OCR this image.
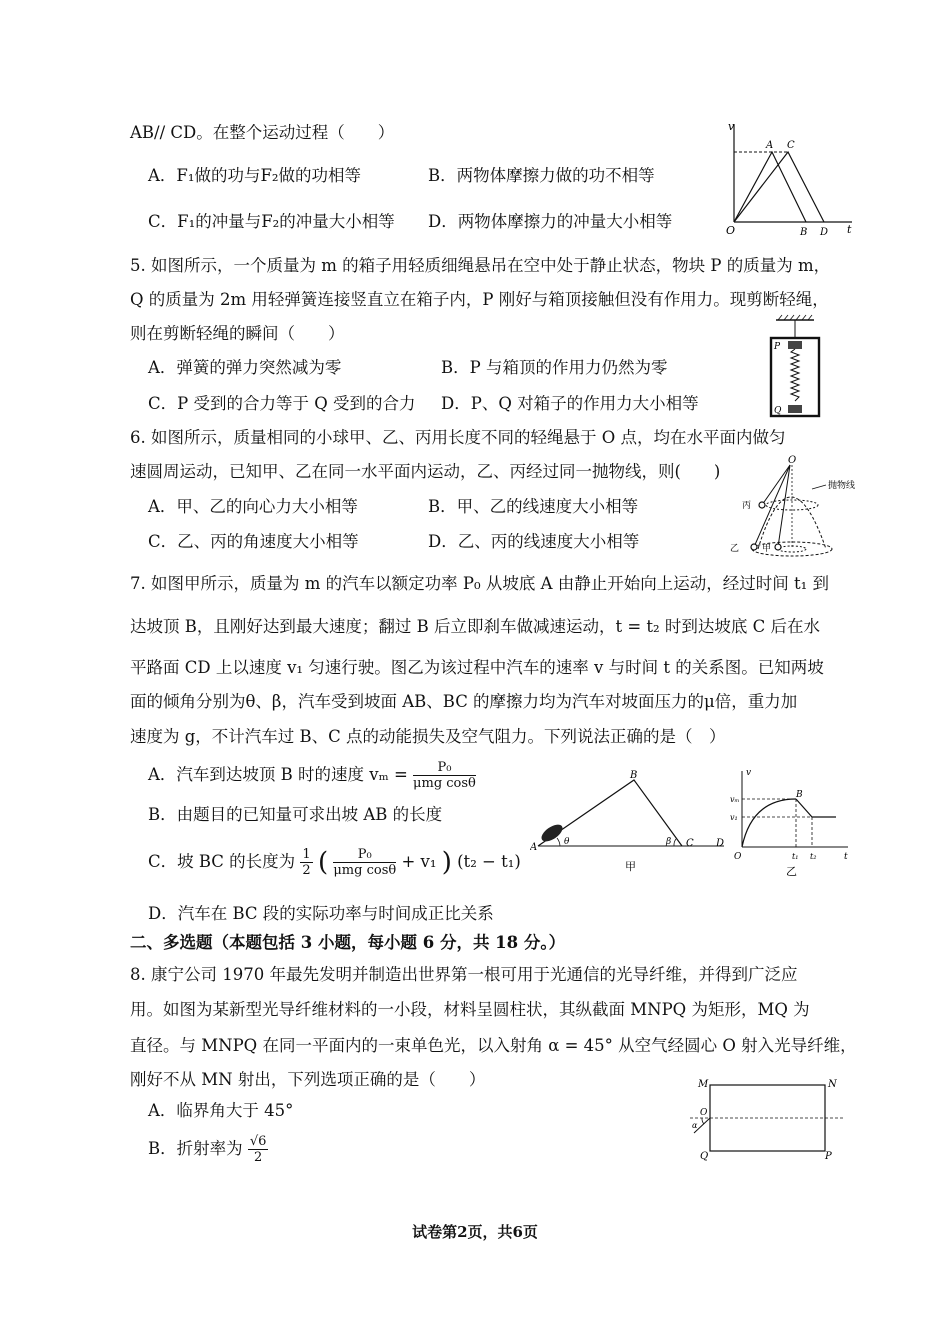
AB// CD。在整个运动过程（　　）
A．F₁做的功与F₂做的功相等	B．两物体摩擦力做的功不相等
C．F₁的冲量与F₂的冲量大小相等 D．两物体摩擦力的冲量大小相等
v
t
O
A C
B D
5. 如图所示，一个质量为 m 的箱子用轻质细绳悬吊在空中处于静止状态，物块 P 的质量为 m，
Q 的质量为 2m 用轻弹簧连接竖直立在箱子内，P 刚好与箱顶接触但没有作用力。现剪断轻绳，
则在剪断轻绳的瞬间（　　）
A．弹簧的弹力突然减为零	B．P 与箱顶的作用力仍然为零
C．P 受到的合力等于 Q 受到的合力 D．P、Q 对箱子的作用力大小相等
P
Q
6. 如图所示，质量相同的小球甲、乙、丙用长度不同的轻绳悬于 O 点，均在水平面内做匀
速圆周运动，已知甲、乙在同一水平面内运动，乙、丙经过同一抛物线，则(　　)
A．甲、乙的向心力大小相等	B．甲、乙的线速度大小相等
C．乙、丙的角速度大小相等	D．乙、丙的线速度大小相等
O
抛物线
丙
乙	甲
7. 如图甲所示，质量为 m 的汽车以额定功率 P₀ 从坡底 A 由静止开始向上运动，经过时间 t₁ 到
达坡顶 B，且刚好达到最大速度；翻过 B 后立即刹车做减速运动，t = t₂ 时到达坡底 C 后在水
平路面 CD 上以速度 v₁ 匀速行驶。图乙为该过程中汽车的速率 v 与时间 t 的关系图。已知两坡
面的倾角分别为θ、β，汽车受到坡面 AB、BC 的摩擦力均为汽车对坡面压力的μ倍，重力加
速度为 g，不计汽车过 B、C 点的动能损失及空气阻力。下列说法正确的是（　）
A．汽车到达坡顶 B 时的速度 $v_m = \frac{\text{P₀}}{\text{μmg cosθ}}$
B．由题目的已知量可求出坡 AB 的长度
C．坡 BC 的长度为 $\frac{1}{2}$ ( $\frac{\text{P₀}}{\text{μmg cosθ}} + v_1$ ) (t₂ − t₁)
D．汽车在 BC 段的实际功率与时间成正比关系
A
B
C D
θ	β
甲
v
t
O
vₘ
v₁
B
t₁ t₂
乙
二、多选题（本题包括 3 小题，每小题 6 分，共 18 分。）
8. 康宁公司 1970 年最先发明并制造出世界第一根可用于光通信的光导纤维，并得到广泛应
用。如图为某新型光导纤维材料的一小段，材料呈圆柱状，其纵截面 MNPQ 为矩形，MQ 为
直径。与 MNPQ 在同一平面内的一束单色光，以入射角 α = 45° 从空气经圆心 O 射入光导纤维，
刚好不从 MN 射出，下列选项正确的是（　　）
A．临界角大于 45°
B．折射率为 $\frac{√6}{2}$
M	N
Q	P
O
α
试卷第2页，共6页
